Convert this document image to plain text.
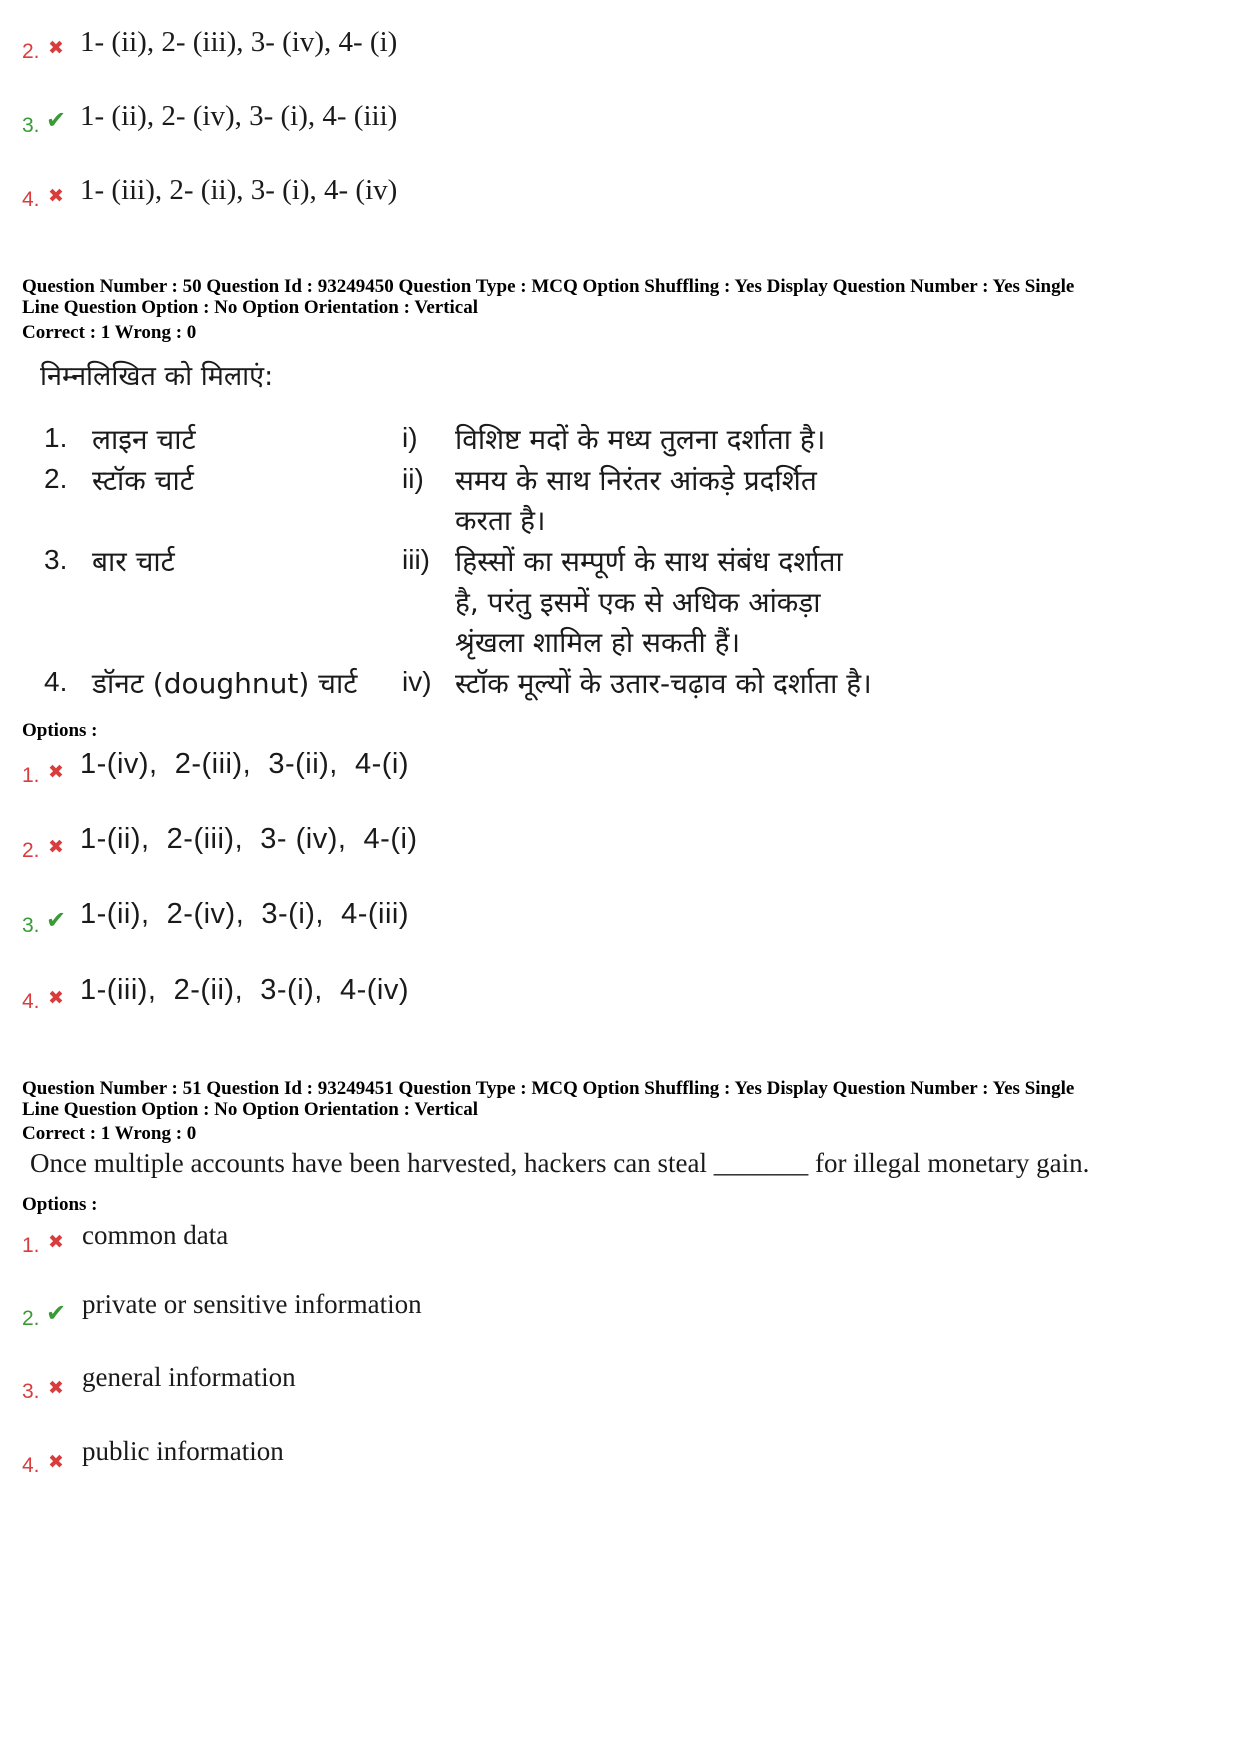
2. ✖ 1- (ii), 2- (iii), 3- (iv), 4- (i)
3. ✔ 1- (ii), 2- (iv), 3- (i), 4- (iii)
4. ✖ 1- (iii), 2- (ii), 3- (i), 4- (iv)
Question Number : 50 Question Id : 93249450 Question Type : MCQ Option Shuffling : Yes Display Question Number : Yes Single
Line Question Option : No Option Orientation : Vertical
Correct : 1 Wrong : 0
निम्नलिखित को मिलाएं:
1. लाइन चार्ट
2. स्टॉक चार्ट
3. बार चार्ट
4. डॉनट (doughnut) चार्ट
i) विशिष्ट मदों के मध्य तुलना दर्शाता है।
ii) समय के साथ निरंतर आंकड़े प्रदर्शित
करता है।
iii) हिस्सों का सम्पूर्ण के साथ संबंध दर्शाता
है, परंतु इसमें एक से अधिक आंकड़ा
श्रृंखला शामिल हो सकती हैं।
iv) स्टॉक मूल्यों के उतार-चढ़ाव को दर्शाता है।
Options :
1. ✖ 1-(iv),  2-(iii),  3-(ii),  4-(i)
2. ✖ 1-(ii),  2-(iii),  3- (iv),  4-(i)
3. ✔ 1-(ii),  2-(iv),  3-(i),  4-(iii)
4. ✖ 1-(iii),  2-(ii),  3-(i),  4-(iv)
Question Number : 51 Question Id : 93249451 Question Type : MCQ Option Shuffling : Yes Display Question Number : Yes Single
Line Question Option : No Option Orientation : Vertical
Correct : 1 Wrong : 0
Once multiple accounts have been harvested, hackers can steal _______ for illegal monetary gain.
Options :
1. ✖ common data
2. ✔ private or sensitive information
3. ✖ general information
4. ✖ public information
